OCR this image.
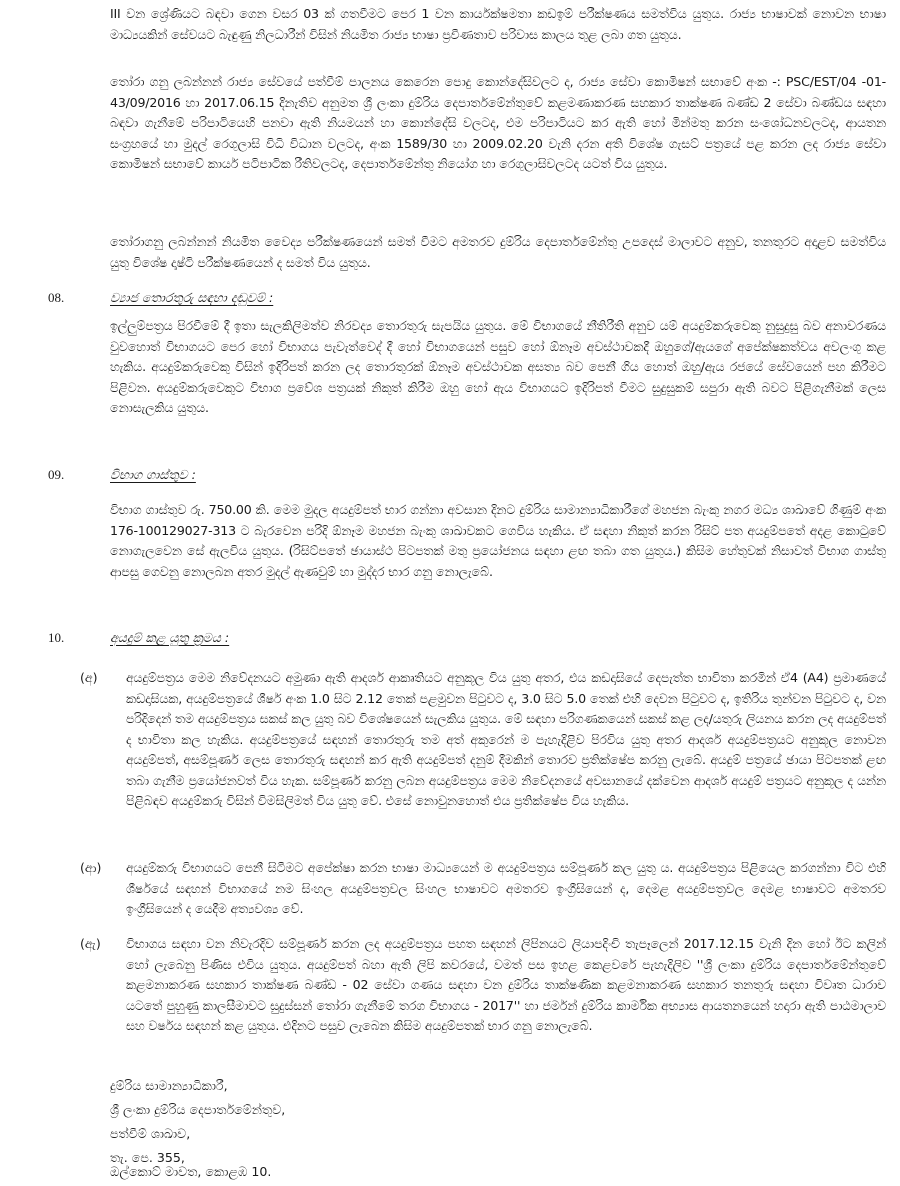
III වන ශ්‍රේණියට බඳවා ගෙන වසර 03 ක් ගතවීමට පෙර 1 වන කාර්යක්ෂමතා කඩඉම් පරීක්ෂණය සමත්විය යුතුය. රාජ්‍ය භාෂාවක් නොවන භාෂා මාධ්‍යයකින් සේවයට බැඳුණු නිලධාරීන් විසින් නියමිත රාජ්‍ය භාෂා ප්‍රවීණතාව පරිවාස කාලය තුළ ලබා ගත යුතුය.

තෝරා ගනු ලබන්නන් රාජ්‍ය සේවයේ පත්වීම් පාලනය කෙරෙන පොදු කොන්දේසිවලට ද, රාජ්‍ය සේවා කොමිෂන් සභාවේ අංක -: PSC/EST/04 -01-43/09/2016 හා 2017.06.15 දිනැතිව අනුමත ශ්‍රී ලංකා දුම්රිය දෙපාර්තමේන්තුවේ කළමණාකරණ සහකාර තාක්ෂණ බණ්ඩ 2 සේවා බණ්ඩය සඳහා බඳවා ගැනීමේ පරිපාටියෙහි පනවා ඇති නියමයන් හා කොන්දේසි වලටද, එම පරිපාටියට කර ඇති හෝ මින්මතු කරන සංශෝධනවලටද, ආයතන සංග්‍රහයේ හා මුදල් රෙගුලාසි විධි විධාන වලටද, අංක 1589/30 හා 2009.02.20 වැනි දරන අති විශේෂ ගැසට් පත්‍රයේ පළ කරන ලද රාජ්‍ය සේවා කොමිෂන් සභාවේ කාර්ය පටිපාටික රීතිවලටද, දෙපාර්තමේන්තු නියෝග හා රෙගුලාසිවලටද යටත් විය යුතුය.

තෝරාගනු ලබන්නන් නියමිත වෛද්‍ය පරීක්ෂණයෙන් සමත් වීමට අමතරව දුම්රිය දෙපාර්තමේන්තු උපදෙස් මාලාවට අනුව, තනතුරට අදාළව සමත්විය යුතු විශේෂ දෘෂ්ටි පරීක්ෂණයෙන් ද සමත් විය යුතුය.

08.	ව්‍යාජ තොරතුරු සඳහා දඬුවම් :

ඉල්ලුම්පත්‍රය පිරවීමේ දී ඉතා සැලකිලිමත්ව නිරවද්‍ය තොරතුරු සැපයිය යුතුය. මේ විභාගයේ නීතිරීති අනුව යම් අයදුම්කරුවෙකු නුසුදුසු බව අනාවරණය වුවහොත් විභාගයට පෙර හෝ විභාගය පැවැත්වෙද් දී හෝ විභාගයෙන් පසුව හෝ ඕනෑම අවස්ථාවකදී ඔහුගේ/ඇයගේ අපේක්ෂකත්වය අවලංගු කළ හැකිය. අයදුම්කරුවෙකු විසින් ඉදිරිපත් කරන ලද තොරතුරක් ඕනෑම අවස්ථාවක අසත්‍ය බව පෙනී ගිය හොත් ඔහු/ඇය රජයේ සේවයෙන් පහ කිරීමට පිළිවන. අයදුම්කරුවෙකුට විභාග ප්‍රවේශ පත්‍රයක් නිකුත් කිරීම ඔහු හෝ ඇය විභාගයට ඉදිරිපත් වීමට සුදුසුකම් සපුරා ඇති බවට පිළිගැනීමක් ලෙස නොසැලකිය යුතුය.

09.	විභාග ගාස්තුව :

විභාග ගාස්තුව රු. 750.00 කි. මෙම මුදල අයදුම්පත් භාර ගන්නා අවසාන දිනට දුම්රිය සාමාන්‍යාධිකාරීගේ මහජන බැංකු නගර මධ්‍ය ශාඛාවේ ගිණුම් අංක 176-100129027-313 ට බැරවෙන පරිදි ඕනෑම මහජන බැංකු ශාඛාවකට ගෙවිය හැකිය. ඒ සඳහා නිකුත් කරන රිසිට් පත අයදුම්පතේ අදළ කොටුවේ නොගැලවෙන සේ ඇලවිය යුතුය. (රිසිට්පතේ ඡායාස්ථ පිටපතක් මතු ප්‍රයෝජනය සඳහා ළඟ තබා ගත යුතුය.) කිසිම හේතුවක් නිසාවත් විභාග ගාස්තු ආපසු ගෙවනු නොලබන අතර මුදල් ඇණවුම් හා මුද්දර භාර ගනු නොලැබේ.

10.	අයදුම් කළ යුතු ක්‍රමය :
(අ) අයදුම්පත්‍රය මෙම නිවේදනයට අමුණා ඇති ආදර්ශ ආකෘතියට අනුකූල විය යුතු අතර, එය කඩදාසියේ දෙපැත්ත භාවිතා කරමින් ඒ4 (A4) ප්‍රමාණයේ කඩදාසියක, අයදුම්පත්‍රයේ ශීර්ෂ අංක 1.0 සිට 2.12 තෙක් පළමුවන පිටුවට ද, 3.0 සිට 5.0 තෙක් එහි දෙවන පිටුවට ද, ඉතිරිය තුන්වන පිටුවට ද, වන පරිදිදෙන් තම අයදුම්පත්‍රය සකස් කල යුතු බව විශේෂයෙන් සැලකිය යුතුය. මේ සඳහා පරිගණකයෙන් සකස් කළ ලද/යතුරු ලියනය කරන ලද අයදුම්පත් ද භාවිතා කල හැකිය. අයදුම්පත්‍රයේ සඳහන් තොරතුරු තම අත් අකුරෙන් ම පැහැදිළිව පිරවිය යුතු අතර ආදර්ශ අයදුම්පත්‍රයට අනුකූල නොවන අයදුම්පත්, අසම්පූර්ණ ලෙස තොරතුරු සඳහන් කර ඇති අයදුම්පත් දනුම් දීමකින් තොරව ප්‍රතික්ෂේප කරනු ලැබේ. අයදුම් පත්‍රයේ ඡායා පිටපතක් ළඟ තබා ගැනීම ප්‍රයෝජනවත් විය හැක. සම්පූර්ණ කරනු ලබන අයදුම්පත්‍රය මෙම නිවේදනයේ අවසානයේ දක්වෙන ආදර්ශ අයදුම් පත්‍රයට අනුකූල ද යන්න පිළිබඳව අයදුම්කරු විසින් විමසිලිමත් විය යුතු වේ. එසේ නොවුනහොත් එය ප්‍රතික්ෂේප විය හැකිය.

(ආ) අයදුම්කරු විභාගයට පෙනී සිටීමට අපේක්ෂා කරන භාෂා මාධ්‍යයෙන් ම අයදුම්පත්‍රය සම්පූර්ණ කල යුතු ය. අයදුම්පත්‍රය පිළියෙල කරගන්නා විට එහි ශීර්ෂයේ සඳහන් විභාගයේ නම සිංහල අයදුම්පත්‍රවල සිංහල භාෂාවට අමතරව ඉංග්‍රීසියෙන් ද, දෙමළ අයදුම්පත්‍රවල දෙමළ භාෂාවට අමතරව ඉංග්‍රීසියෙන් ද යෙදීම අත්‍යවශ්‍ය වේ.

(ඇ) විභාගය සඳහා වන නිවැරදිව සම්පූර්ණ කරන ලද අයදුම්පත්‍රය පහත සඳහන් ලිපිනයට ලියාපදිංචි තැපෑලෙන් 2017.12.15 වැනි දින හෝ ඊට කලින් හෝ ලැබෙනු පිණිස එවිය යුතුය. අයදුම්පත් බහා ඇති ලිපි කවරයේ, වමත් පස ඉහළ කෙළවරේ පැහැදිලිව ''ශ්‍රී ලංකා දුම්රිය දෙපාර්තමේන්තුවේ කළමනාකරණ සහකාර තාක්ෂණ බණ්ඩ - 02 සේවා ගණය සඳහා වන දුම්රිය තාක්ෂණික කළමනාකරණ සහකාර තනතුරු සඳහා විවෘත ධාරාව යටතේ පුහුණු කාලසීමාවට සුදුස්සන් තෝරා ගැනීමේ තරග විභාගය - 2017'' හා ජර්මන් දුම්රිය කාර්මික අභ්‍යාස ආයතනයෙන් හදාරා ඇති පාඨමාලාව සහ වර්ෂය සඳහන් කළ යුතුය. එදිනට පසුව ලැබෙන කිසිම අයදුම්පතක් භාර ගනු නොලැබේ.

දුම්රිය සාමාන්‍යාධිකාරී,

ශ්‍රී ලංකා දුම්රිය දෙපාර්තමේන්තුව,

පත්වීම් ශාඛාව,

තැ. පෙ. 355,

ඔල්කොට් මාවත, කොළඹ 10.
